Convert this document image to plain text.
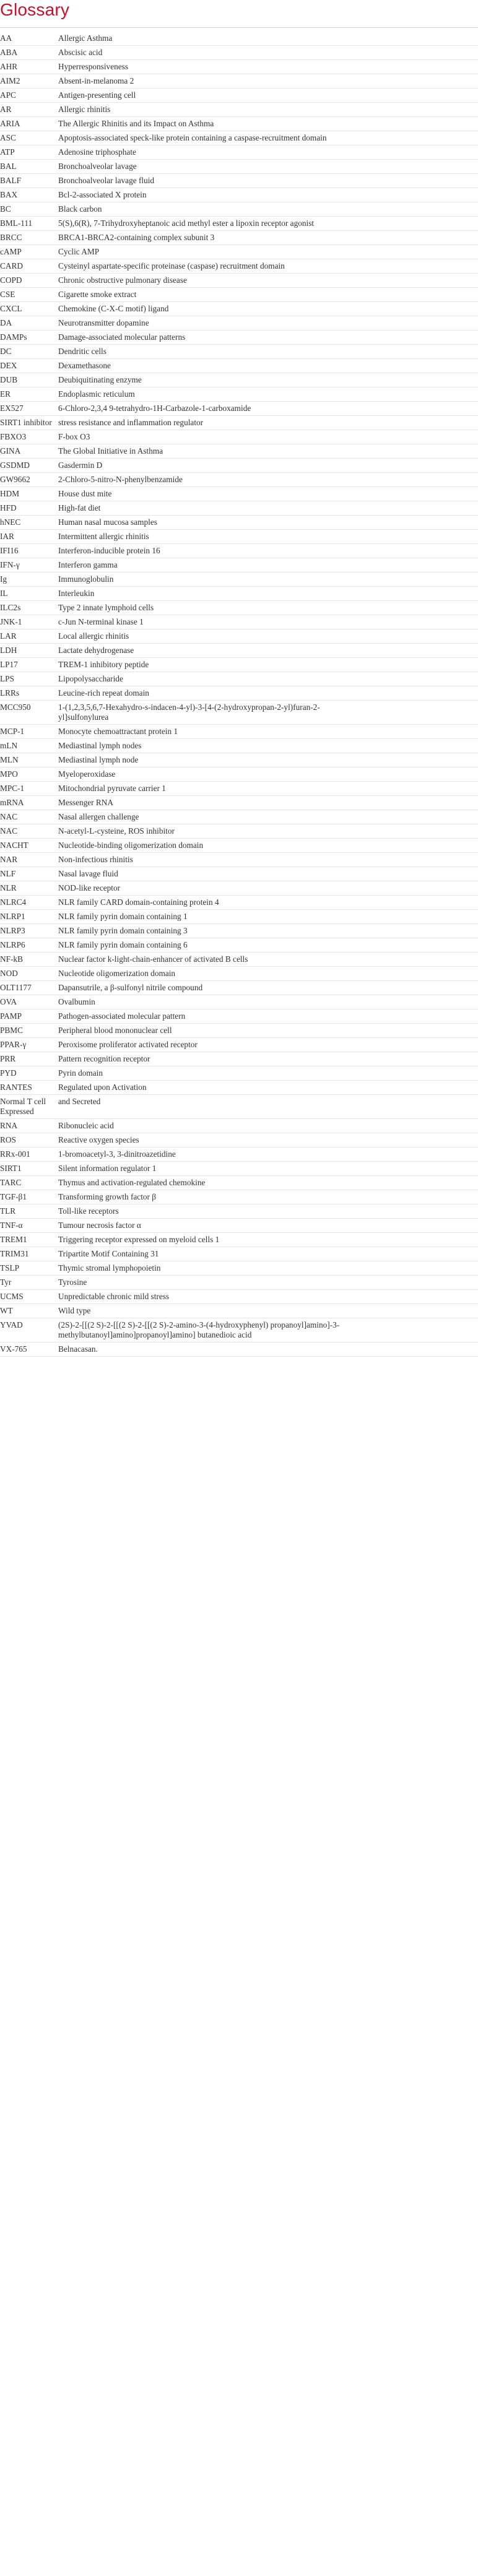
Glossary
AA	Allergic Asthma
ABA	Abscisic acid
AHR	Hyperresponsiveness
AIM2	Absent-in-melanoma 2
APC	Antigen-presenting cell
AR	Allergic rhinitis
ARIA	The Allergic Rhinitis and its Impact on Asthma
ASC	Apoptosis-associated speck-like protein containing a caspase-recruitment domain
ATP	Adenosine triphosphate
BAL	Bronchoalveolar lavage
BALF	Bronchoalveolar lavage fluid
BAX	Bcl-2-associated X protein
BC	Black carbon
BML-111	5(S),6(R), 7-Trihydroxyheptanoic acid methyl ester a lipoxin receptor agonist
BRCC	BRCA1-BRCA2-containing complex subunit 3
cAMP	Cyclic AMP
CARD	Cysteinyl aspartate-specific proteinase (caspase) recruitment domain
COPD	Chronic obstructive pulmonary disease
CSE	Cigarette smoke extract
CXCL	Chemokine (C-X-C motif) ligand
DA	Neurotransmitter dopamine
DAMPs	Damage-associated molecular patterns
DC	Dendritic cells
DEX	Dexamethasone
DUB	Deubiquitinating enzyme
ER	Endoplasmic reticulum
EX527	6-Chloro-2,3,4 9-tetrahydro-1H-Carbazole-1-carboxamide
SIRT1 inhibitor	stress resistance and inflammation regulator
FBXO3	F-box O3
GINA	The Global Initiative in Asthma
GSDMD	Gasdermin D
GW9662	2-Chloro-5-nitro-N-phenylbenzamide
HDM	House dust mite
HFD	High-fat diet
hNEC	Human nasal mucosa samples
IAR	Intermittent allergic rhinitis
IFI16	Interferon-inducible protein 16
IFN-γ	Interferon gamma
Ig	Immunoglobulin
IL	Interleukin
ILC2s	Type 2 innate lymphoid cells
JNK-1	c-Jun N-terminal kinase 1
LAR	Local allergic rhinitis
LDH	Lactate dehydrogenase
LP17	TREM-1 inhibitory peptide
LPS	Lipopolysaccharide
LRRs	Leucine-rich repeat domain
MCC950	1-(1,2,3,5,6,7-Hexahydro-s-indacen-4-yl)-3-[4-(2-hydroxypropan-2-yl)furan-2-yl]sulfonylurea
MCP-1	Monocyte chemoattractant protein 1
mLN	Mediastinal lymph nodes
MLN	Mediastinal lymph node
MPO	Myeloperoxidase
MPC-1	Mitochondrial pyruvate carrier 1
mRNA	Messenger RNA
NAC	Nasal allergen challenge
NAC	N-acetyl-L-cysteine, ROS inhibitor
NACHT	Nucleotide-binding oligomerization domain
NAR	Non-infectious rhinitis
NLF	Nasal lavage fluid
NLR	NOD-like receptor
NLRC4	NLR family CARD domain-containing protein 4
NLRP1	NLR family pyrin domain containing 1
NLRP3	NLR family pyrin domain containing 3
NLRP6	NLR family pyrin domain containing 6
NF-kB	Nuclear factor k-light-chain-enhancer of activated B cells
NOD	Nucleotide oligomerization domain
OLT1177	Dapansutrile, a β-sulfonyl nitrile compound
OVA	Ovalbumin
PAMP	Pathogen-associated molecular pattern
PBMC	Peripheral blood mononuclear cell
PPAR-γ	Peroxisome proliferator activated receptor
PRR	Pattern recognition receptor
PYD	Pyrin domain
RANTES	Regulated upon Activation
Normal T cell Expressed	and Secreted
RNA	Ribonucleic acid
ROS	Reactive oxygen species
RRx-001	1-bromoacetyl-3, 3-dinitroazetidine
SIRT1	Silent information regulator 1
TARC	Thymus and activation-regulated chemokine
TGF-β1	Transforming growth factor β
TLR	Toll-like receptors
TNF-α	Tumour necrosis factor α
TREM1	Triggering receptor expressed on myeloid cells 1
TRIM31	Tripartite Motif Containing 31
TSLP	Thymic stromal lymphopoietin
Tyr	Tyrosine
UCMS	Unpredictable chronic mild stress
WT	Wild type
YVAD	(2S)-2-[[(2 S)-2-[[(2 S)-2-[[(2 S)-2-amino-3-(4-hydroxyphenyl) propanoyl]amino]-3-methylbutanoyl]amino]propanoyl]amino] butanedioic acid
VX-765	Belnacasan.
